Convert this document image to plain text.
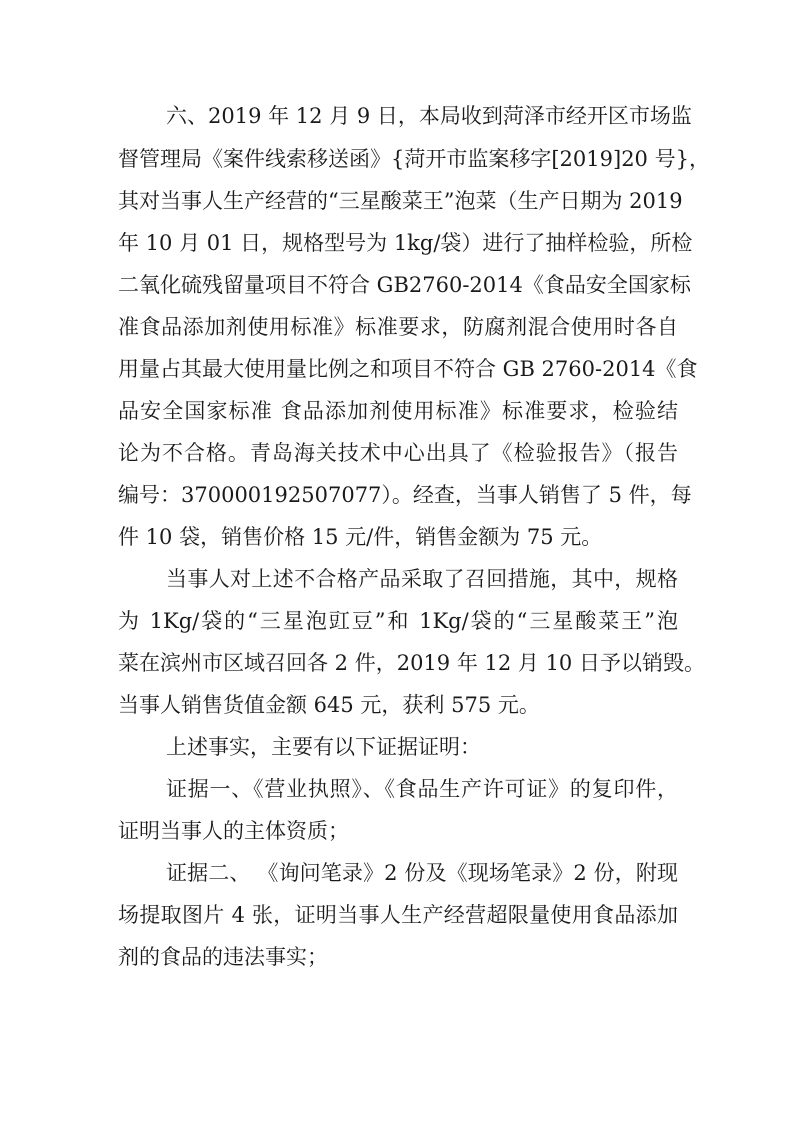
六、2019 年 12 月 9 日，本局收到菏泽市经开区市场监
督管理局《案件线索移送函》{菏开市监案移字[2019]20 号}，
其对当事人生产经营的“三星酸菜王”泡菜（生产日期为 2019
年 10 月 01 日，规格型号为 1kg/袋）进行了抽样检验，所检
二氧化硫残留量项目不符合 GB2760-2014《食品安全国家标
准食品添加剂使用标准》标准要求，防腐剂混合使用时各自
用量占其最大使用量比例之和项目不符合 GB 2760-2014《食
品安全国家标准 食品添加剂使用标准》标准要求，检验结
论为不合格。青岛海关技术中心出具了《检验报告》（报告
编号：370000192507077）。经查，当事人销售了 5 件，每
件 10 袋，销售价格 15 元/件，销售金额为 75 元。
当事人对上述不合格产品采取了召回措施，其中，规格
为 1Kg/袋的“三星泡豇豆”和 1Kg/袋的“三星酸菜王”泡
菜在滨州市区域召回各 2 件，2019 年 12 月 10 日予以销毁。
当事人销售货值金额 645 元，获利 575 元。
上述事实，主要有以下证据证明：
证据一、《营业执照》、《食品生产许可证》的复印件，
证明当事人的主体资质；
证据二、 《询问笔录》2 份及《现场笔录》2 份，附现
场提取图片 4 张，证明当事人生产经营超限量使用食品添加
剂的食品的违法事实；
